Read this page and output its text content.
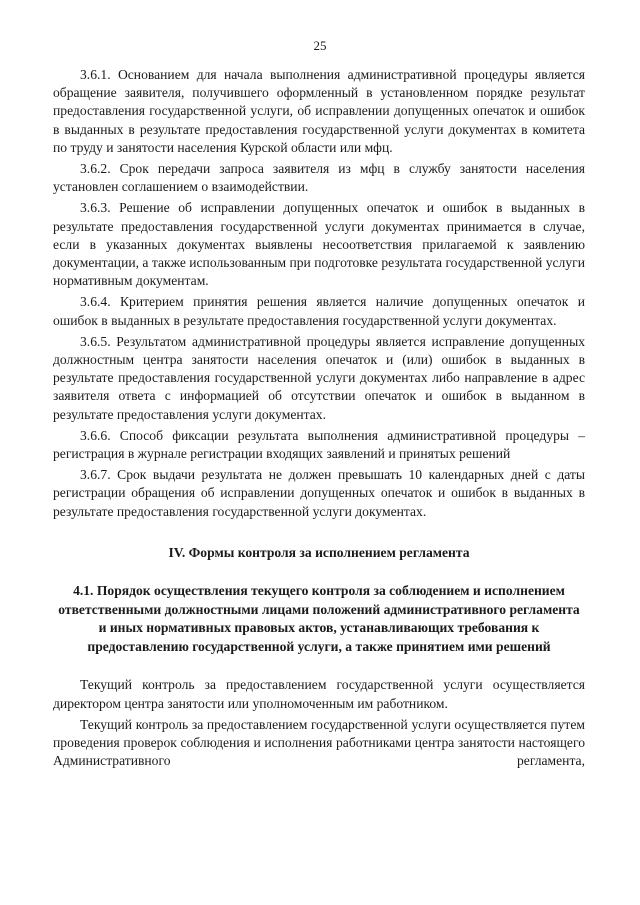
25

3.6.1. Основанием для начала выполнения административной процедуры является обращение заявителя, получившего оформленный в установленном порядке результат предоставления государственной услуги, об исправлении допущенных опечаток и ошибок в выданных в результате предоставления государственной услуги документах в комитета по труду и занятости населения Курской области или мфц.

3.6.2. Срок передачи запроса заявителя из мфц в службу занятости населения установлен соглашением о взаимодействии.

3.6.3. Решение об исправлении допущенных опечаток и ошибок в выданных в результате предоставления государственной услуги документах принимается в случае, если в указанных документах выявлены несоответствия прилагаемой к заявлению документации, а также использованным при подготовке результата государственной услуги нормативным документам.

3.6.4. Критерием принятия решения является наличие допущенных опечаток и ошибок в выданных в результате предоставления государственной услуги документах.

3.6.5. Результатом административной процедуры является исправление допущенных должностным центра занятости населения опечаток и (или) ошибок в выданных в результате предоставления государственной услуги документах либо направление в адрес заявителя ответа с информацией об отсутствии опечаток и ошибок в выданном в результате предоставления услуги документах.

3.6.6. Способ фиксации результата выполнения административной процедуры – регистрация в журнале регистрации входящих заявлений и принятых решений

3.6.7. Срок выдачи результата не должен превышать 10 календарных дней с даты регистрации обращения об исправлении допущенных опечаток и ошибок в выданных в результате предоставления государственной услуги документах.

IV. Формы контроля за исполнением регламента
4.1. Порядок осуществления текущего контроля за соблюдением и исполнением ответственными должностными лицами положений административного регламента и иных нормативных правовых актов, устанавливающих требования к предоставлению государственной услуги, а также принятием ими решений

Текущий контроль за предоставлением государственной услуги осуществляется директором центра занятости или уполномоченным им работником.

Текущий контроль за предоставлением государственной услуги осуществляется путем проведения проверок соблюдения и исполнения работниками центра занятости настоящего Административного регламента,
